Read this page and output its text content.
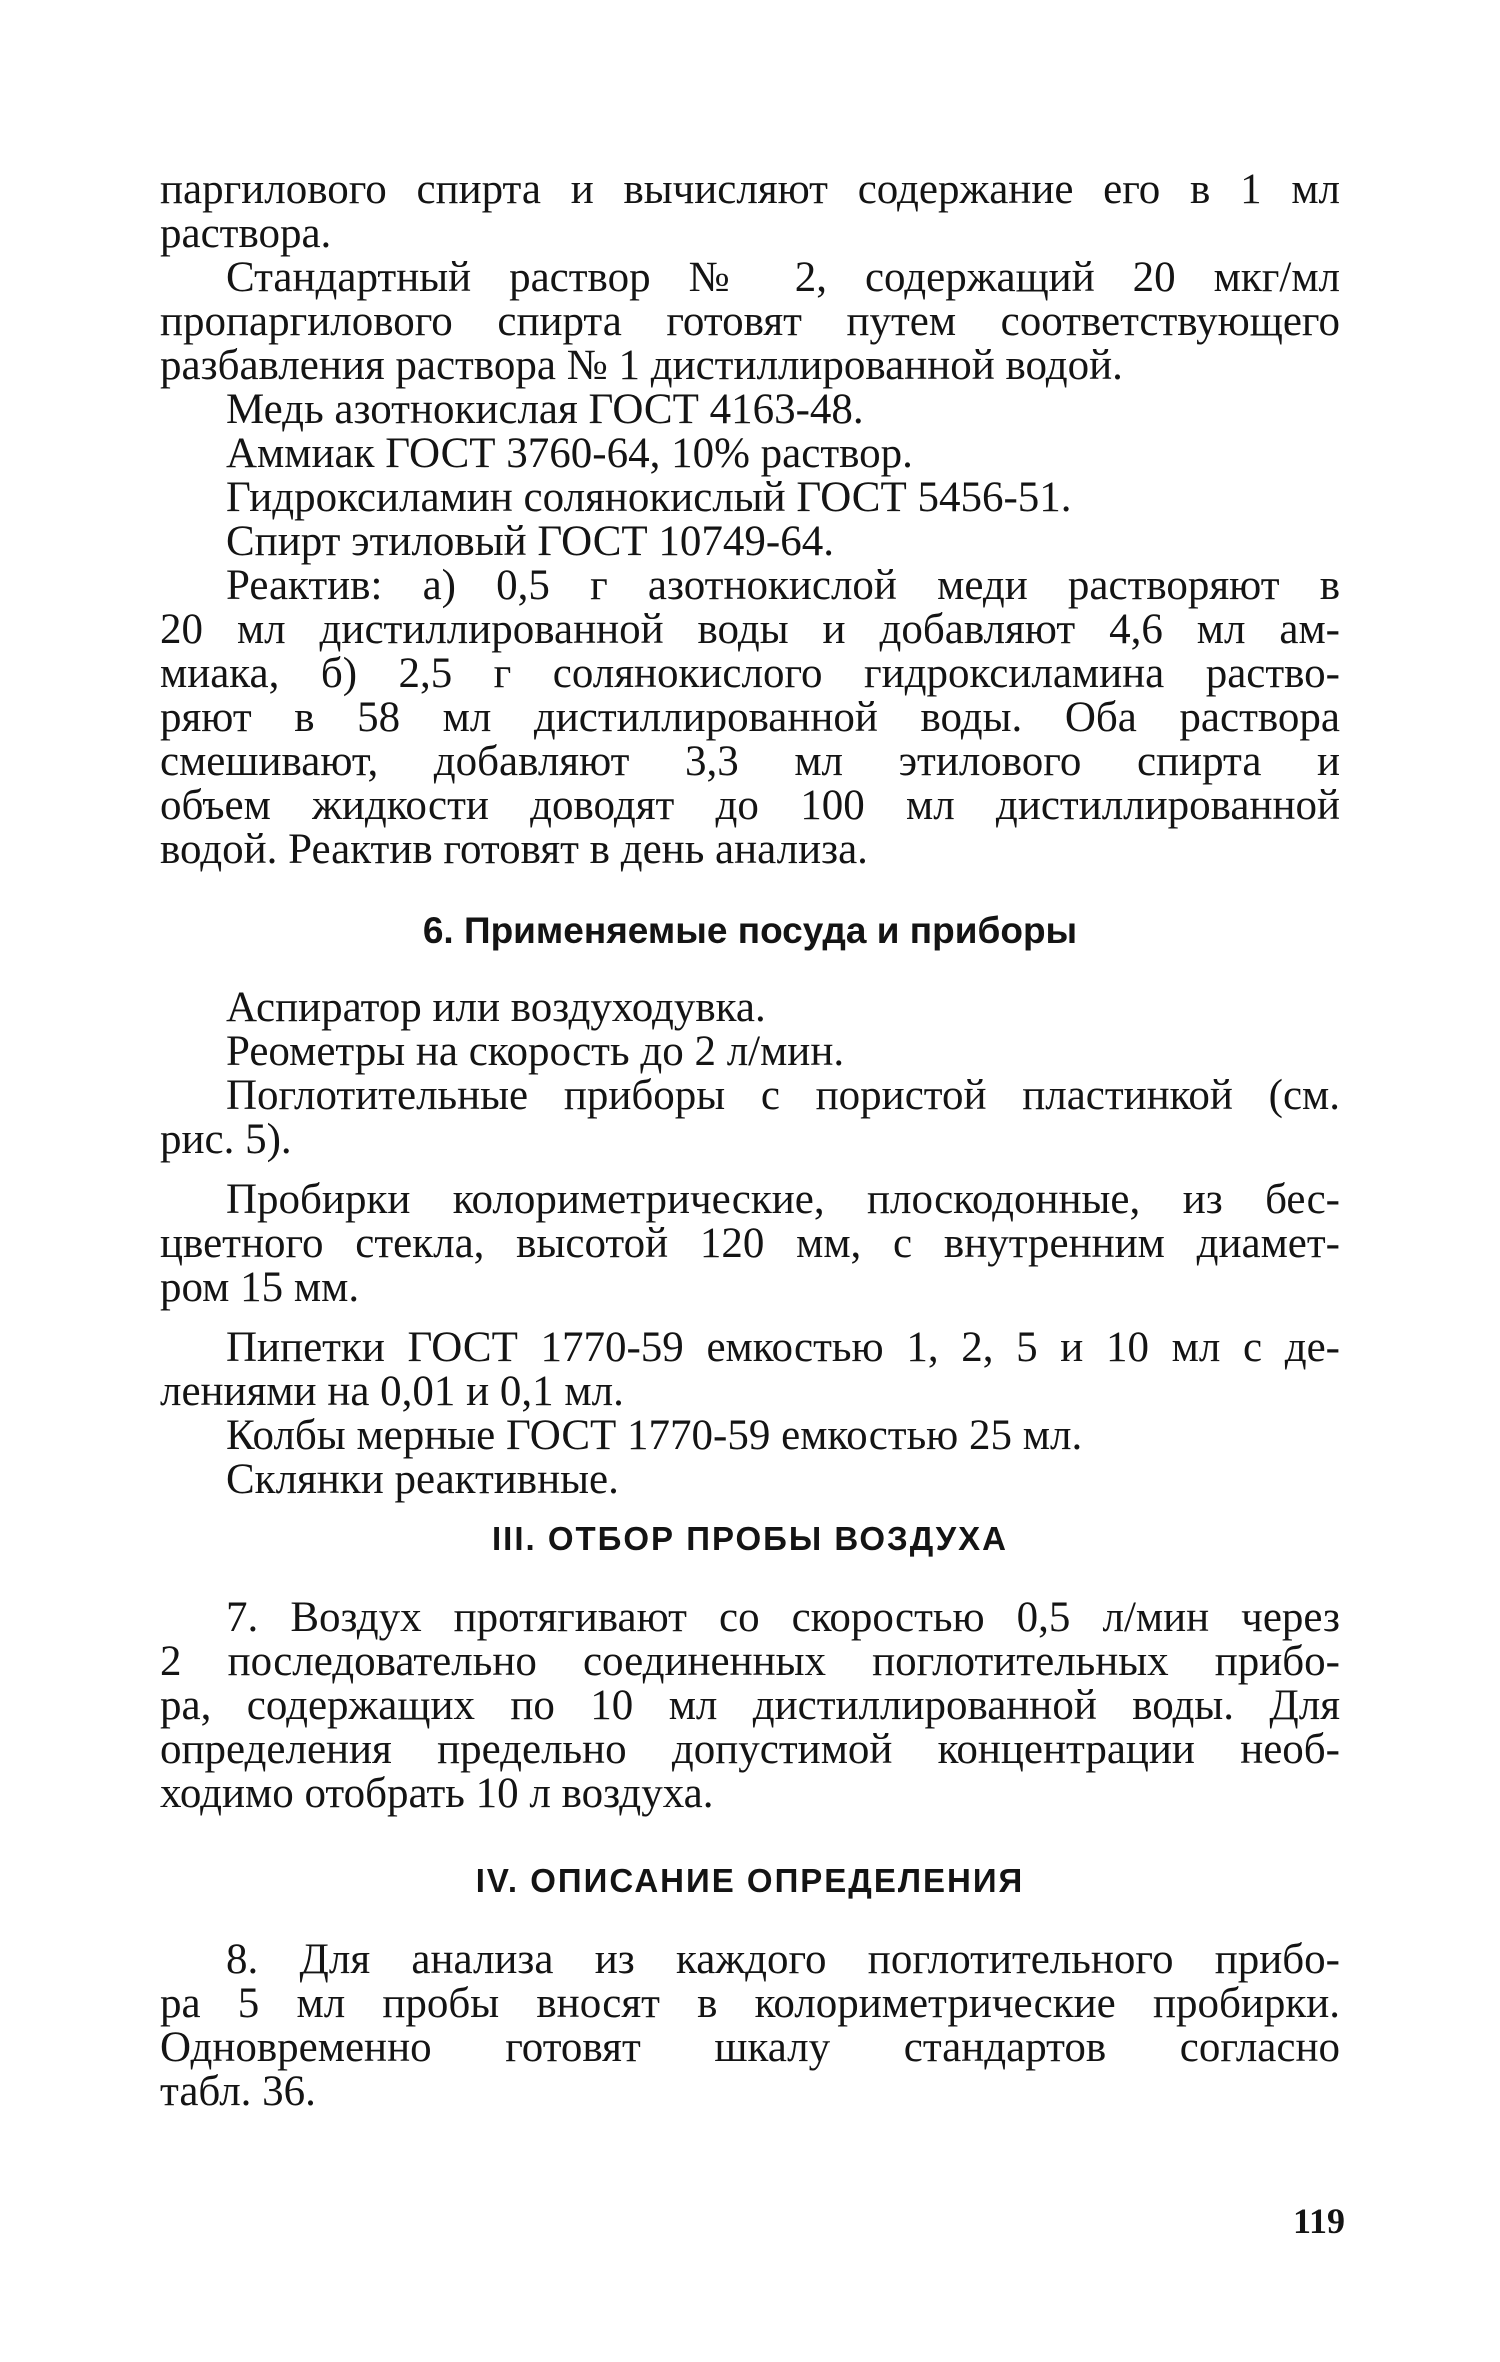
паргилового спирта и вычисляют содержание его в 1 мл
раствора.
Стандартный раствор № 2, содержащий 20 мкг/мл
пропаргилового спирта готовят путем соответствующего
разбавления раствора № 1 дистиллированной водой.
Медь азотнокислая ГОСТ 4163-48.
Аммиак ГОСТ 3760-64, 10% раствор.
Гидроксиламин солянокислый ГОСТ 5456-51.
Спирт этиловый ГОСТ 10749-64.
Реактив: а) 0,5 г азотнокислой меди растворяют в
20 мл дистиллированной воды и добавляют 4,6 мл ам-
миака, б) 2,5 г солянокислого гидроксиламина раство-
ряют в 58 мл дистиллированной воды. Оба раствора
смешивают, добавляют 3,3 мл этилового спирта и
объем жидкости доводят до 100 мл дистиллированной
водой. Реактив готовят в день анализа.
6. Применяемые посуда и приборы
Аспиратор или воздуходувка.
Реометры на скорость до 2 л/мин.
Поглотительные приборы с пористой пластинкой (см.
рис. 5).
Пробирки колориметрические, плоскодонные, из бес-
цветного стекла, высотой 120 мм, с внутренним диамет-
ром 15 мм.
Пипетки ГОСТ 1770-59 емкостью 1, 2, 5 и 10 мл с де-
лениями на 0,01 и 0,1 мл.
Колбы мерные ГОСТ 1770-59 емкостью 25 мл.
Склянки реактивные.
III. ОТБОР ПРОБЫ ВОЗДУХА
7. Воздух протягивают со скоростью 0,5 л/мин через
2 последовательно соединенных поглотительных прибо-
ра, содержащих по 10 мл дистиллированной воды. Для
определения предельно допустимой концентрации необ-
ходимо отобрать 10 л воздуха.
IV. ОПИСАНИЕ ОПРЕДЕЛЕНИЯ
8. Для анализа из каждого поглотительного прибо-
ра 5 мл пробы вносят в колориметрические пробирки.
Одновременно готовят шкалу стандартов согласно
табл. 36.
119
